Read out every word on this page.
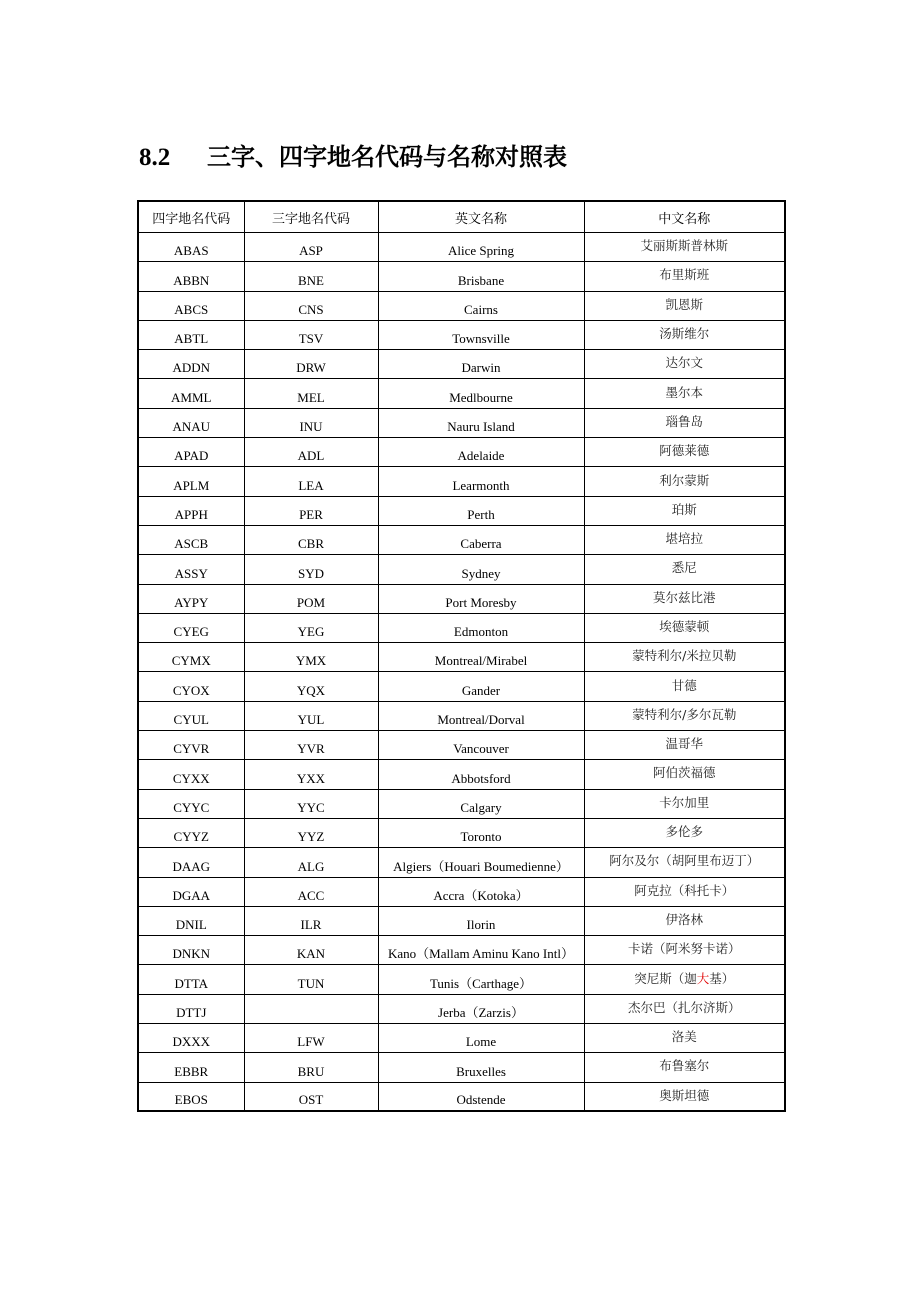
8.2 三字、四字地名代码与名称对照表
四字地名代码	三字地名代码	英文名称	中文名称
ABAS	ASP	Alice Spring	艾丽斯斯普林斯
ABBN	BNE	Brisbane	布里斯班
ABCS	CNS	Cairns	凯恩斯
ABTL	TSV	Townsville	汤斯维尔
ADDN	DRW	Darwin	达尔文
AMML	MEL	Medlbourne	墨尔本
ANAU	INU	Nauru Island	瑙鲁岛
APAD	ADL	Adelaide	阿德莱德
APLM	LEA	Learmonth	利尔蒙斯
APPH	PER	Perth	珀斯
ASCB	CBR	Caberra	堪培拉
ASSY	SYD	Sydney	悉尼
AYPY	POM	Port Moresby	莫尔兹比港
CYEG	YEG	Edmonton	埃德蒙顿
CYMX	YMX	Montreal/Mirabel	蒙特利尔/米拉贝勒
CYOX	YQX	Gander	甘德
CYUL	YUL	Montreal/Dorval	蒙特利尔/多尔瓦勒
CYVR	YVR	Vancouver	温哥华
CYXX	YXX	Abbotsford	阿伯茨福德
CYYC	YYC	Calgary	卡尔加里
CYYZ	YYZ	Toronto	多伦多
DAAG	ALG	Algiers（Houari Boumedienne）	阿尔及尔（胡阿里布迈丁）
DGAA	ACC	Accra（Kotoka）	阿克拉（科托卡）
DNIL	ILR	Ilorin	伊洛林
DNKN	KAN	Kano（Mallam Aminu Kano Intl）	卡诺（阿米努卡诺）
DTTA	TUN	Tunis（Carthage）	突尼斯（迦大基）
DTTJ		Jerba（Zarzis）	杰尔巴（扎尔济斯）
DXXX	LFW	Lome	洛美
EBBR	BRU	Bruxelles	布鲁塞尔
EBOS	OST	Odstende	奥斯坦德
